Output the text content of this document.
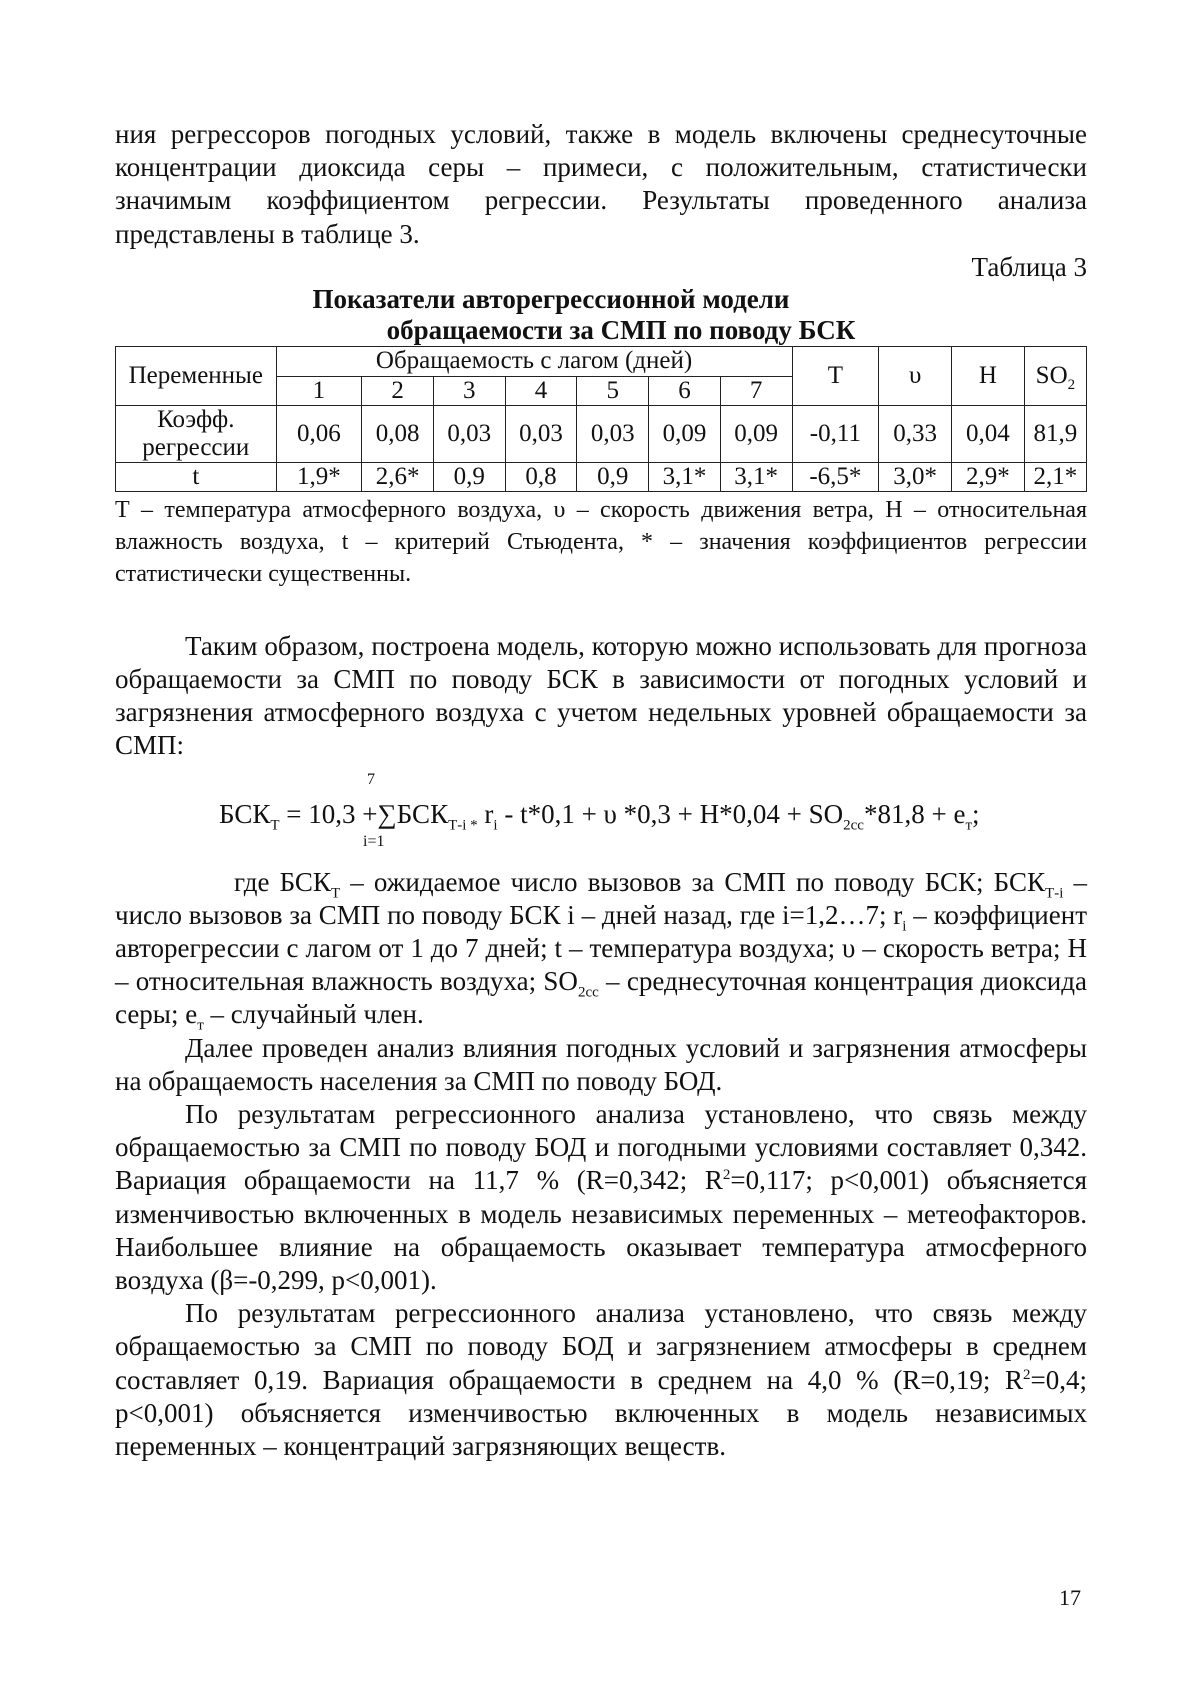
ния регрессоров погодных условий, также в модель включены среднесуточные концентрации диоксида серы – примеси, с положительным, статистически значимым коэффициентом регрессии. Результаты проведенного анализа представлены в таблице 3.

Таблица 3

Показатели авторегрессионной модели
обращаемости за СМП по поводу БСК

Переменные	Обращаемость с лагом (дней)							Т	υ	Н	$SO_2$
	1	2	3	4	5	6	7				
Коэфф.
регрессии	0,06	0,08	0,03	0,03	0,03	0,09	0,09	-0,11	0,33	0,04	81,9
t	1,9*	2,6*	0,9	0,8	0,9	3,1*	3,1*	-6,5*	3,0*	2,9*	2,1*

Т – температура атмосферного воздуха, υ – скорость движения ветра, Н – относительная влажность воздуха, t – критерий Стьюдента, * – значения коэффициентов регрессии статистически существенны.

Таким образом, построена модель, которую можно использовать для прогноза обращаемости за СМП по поводу БСК в зависимости от погодных условий и загрязнения атмосферного воздуха с учетом недельных уровней обращаемости за СМП:

7
$БСК_Т = 10,3 +\sum БСК_{Т-i *}$ $r_i - t*0,1 + \upsilon$ $*0,3 + Н*0,04 + SO_{2сс}*81,8 + e_т$;
i=1

где $БСК_Т$ – ожидаемое число вызовов за СМП по поводу БСК; $БСК_{Т-i}$ – число вызовов за СМП по поводу БСК i – дней назад, где i=1,2…7; $r_i$ – коэффициент авторегрессии с лагом от 1 до 7 дней; t – температура воздуха; υ – скорость ветра; Н – относительная влажность воздуха; $SO_{2сс}$ – среднесуточная концентрация диоксида серы; $e_т$ – случайный член.

Далее проведен анализ влияния погодных условий и загрязнения атмосферы на обращаемость населения за СМП по поводу БОД.

По результатам регрессионного анализа установлено, что связь между обращаемостью за СМП по поводу БОД и погодными условиями составляет 0,342. Вариация обращаемости на 11,7 % (R=0,342; $R^2=0,117$; p<0,001) объясняется изменчивостью включенных в модель независимых переменных – метеофакторов. Наибольшее влияние на обращаемость оказывает температура атмосферного воздуха (β=-0,299, p<0,001).

По результатам регрессионного анализа установлено, что связь между обращаемостью за СМП по поводу БОД и загрязнением атмосферы в среднем составляет 0,19. Вариация обращаемости в среднем на 4,0 % (R=0,19; $R^2=0,4$; p<0,001) объясняется изменчивостью включенных в модель независимых переменных – концентраций загрязняющих веществ.

17
